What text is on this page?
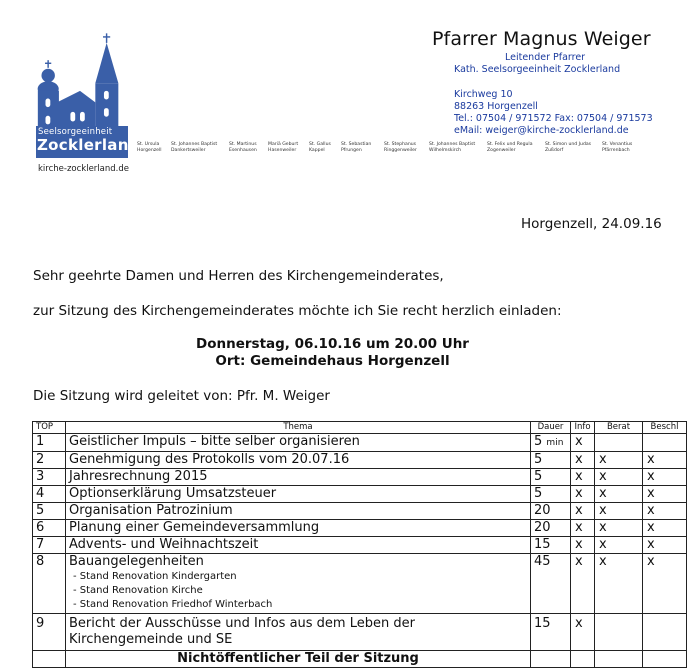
Seelsorgeeinheit
Zocklerland
kirche-zocklerland.de
St. Ursula
Horgenzell
St. Johannes Baptist
Dankertsweiler
St. Martinus
Esenhausen
Mariä Geburt
Hasenweiler
St. Gallus
Kappel
St. Sebastian
Pfrungen
St. Stephanus
Ringgenweiler
St. Johannes Baptist
Wilhelmskirch
St. Felix und Regula
Zogenweiler
St. Simon und Judas
Zußdorf
St. Venantius
Pfärrenbach
Pfarrer Magnus Weiger
Leitender Pfarrer
Kath. Seelsorgeeinheit Zocklerland
Kirchweg 10
88263 Horgenzell
Tel.: 07504 / 971572 Fax: 07504 / 971573
eMail: weiger@kirche-zocklerland.de
Horgenzell, 24.09.16
Sehr geehrte Damen und Herren des Kirchengemeinderates,
zur Sitzung des Kirchengemeinderates möchte ich Sie recht herzlich einladen:
Donnerstag, 06.10.16 um 20.00 Uhr
Ort: Gemeindehaus Horgenzell
Die Sitzung wird geleitet von: Pfr. M. Weiger
TOP	Thema	Dauer	Info	Berat	Beschl
1	Geistlicher Impuls – bitte selber organisieren	5 min	x		
2	Genehmigung des Protokolls vom 20.07.16	5	x	x	x
3	Jahresrechnung 2015	5	x	x	x
4	Optionserklärung Umsatzsteuer	5	x	x	x
5	Organisation Patrozinium	20	x	x	x
6	Planung einer Gemeindeversammlung	20	x	x	x
7	Advents- und Weihnachtszeit	15	x	x	x
8	Bauangelegenheiten
- Stand Renovation Kindergarten
- Stand Renovation Kirche
- Stand Renovation Friedhof Winterbach	45	x	x	x
9	Bericht der Ausschüsse und Infos aus dem Leben der Kirchengemeinde und SE	15	x		
	Nichtöffentlicher Teil der Sitzung				
